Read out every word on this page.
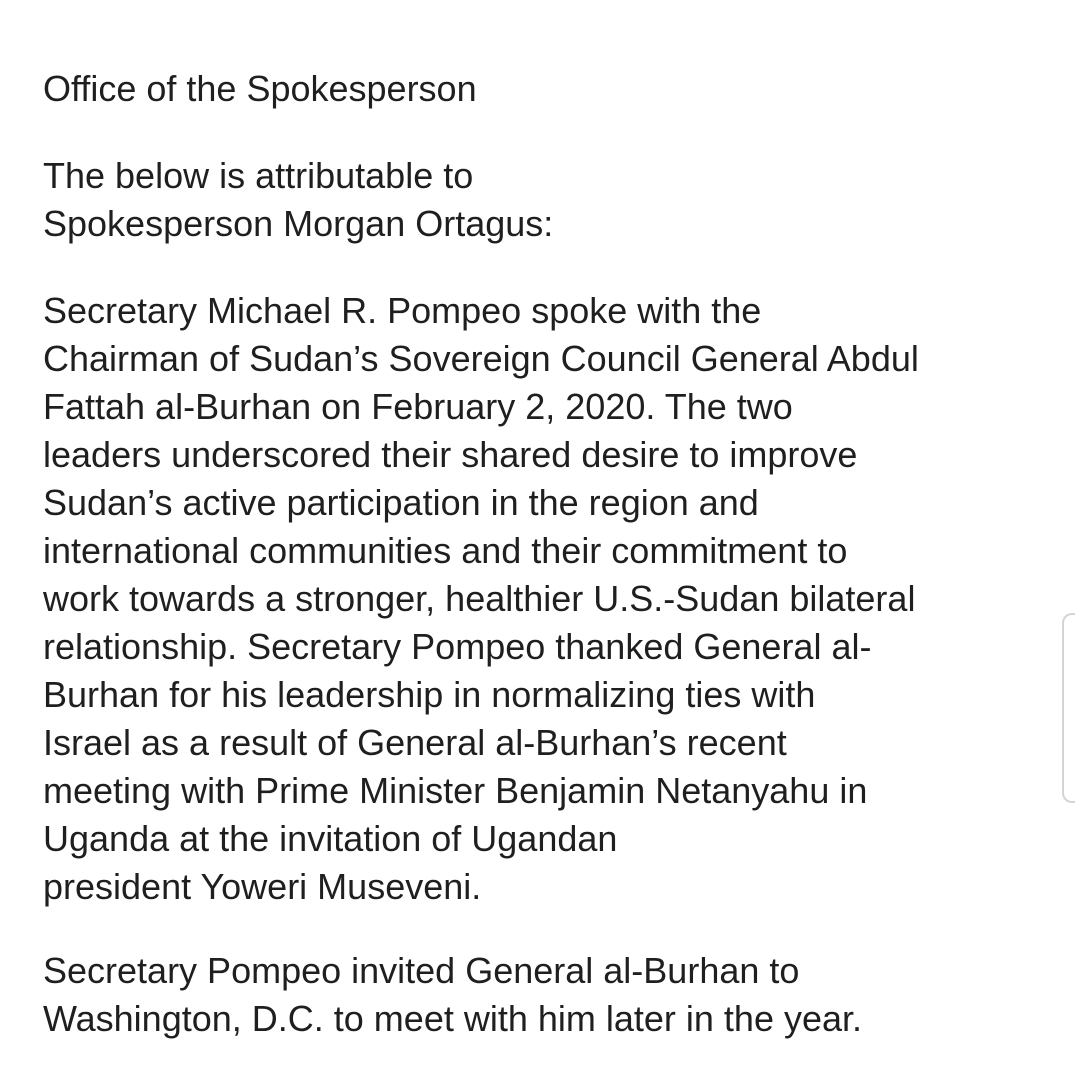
Office of the Spokesperson

The below is attributable to
Spokesperson Morgan Ortagus:

Secretary Michael R. Pompeo spoke with the
Chairman of Sudan’s Sovereign Council General Abdul
Fattah al-Burhan on February 2, 2020. The two
leaders underscored their shared desire to improve
Sudan’s active participation in the region and
international communities and their commitment to
work towards a stronger, healthier U.S.-Sudan bilateral
relationship. Secretary Pompeo thanked General al-
Burhan for his leadership in normalizing ties with
Israel as a result of General al-Burhan’s recent
meeting with Prime Minister Benjamin Netanyahu in
Uganda at the invitation of Ugandan
president Yoweri Museveni.

Secretary Pompeo invited General al-Burhan to
Washington, D.C. to meet with him later in the year.
